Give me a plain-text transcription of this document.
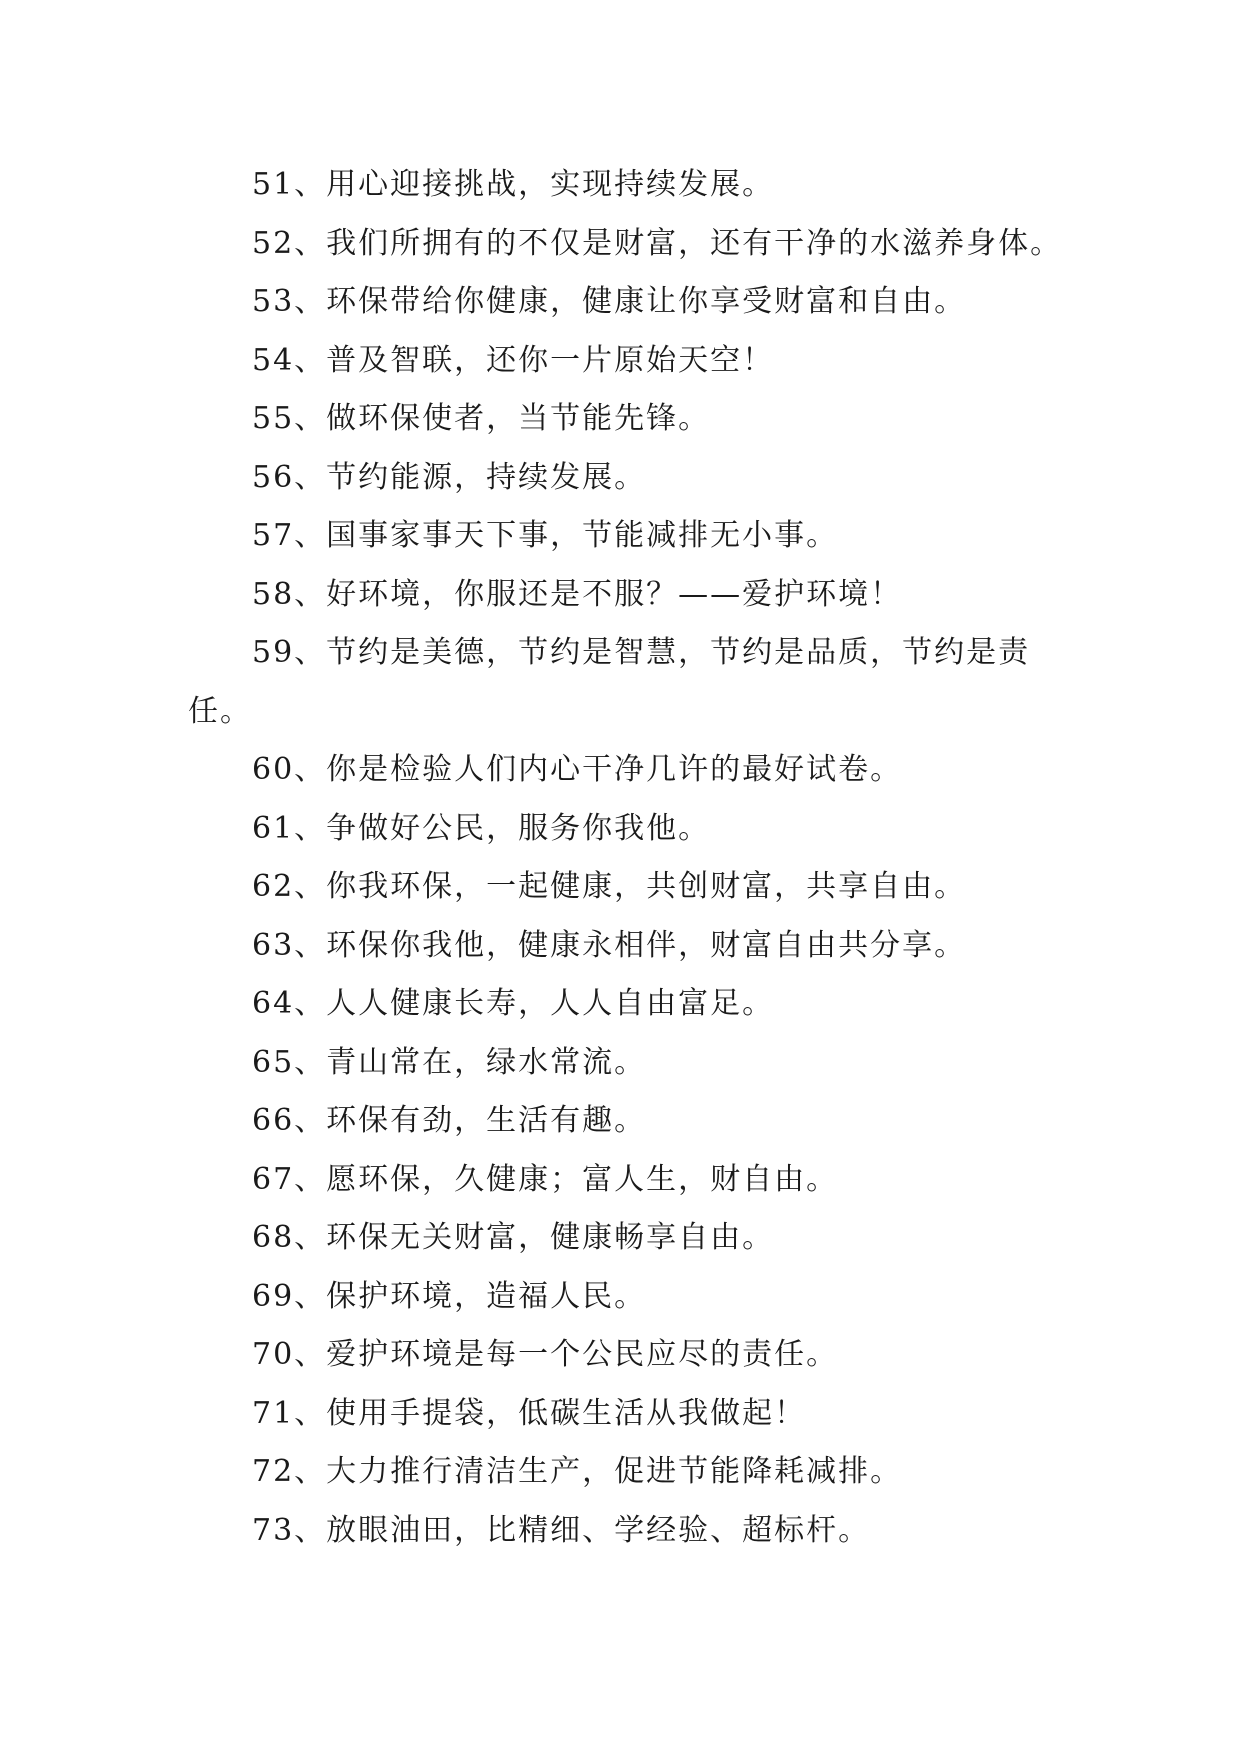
51、用心迎接挑战，实现持续发展。
52、我们所拥有的不仅是财富，还有干净的水滋养身体。
53、环保带给你健康，健康让你享受财富和自由。
54、普及智联，还你一片原始天空！
55、做环保使者，当节能先锋。
56、节约能源，持续发展。
57、国事家事天下事，节能减排无小事。
58、好环境，你服还是不服？——爱护环境！
59、节约是美德，节约是智慧，节约是品质，节约是责
任。
60、你是检验人们内心干净几许的最好试卷。
61、争做好公民，服务你我他。
62、你我环保，一起健康，共创财富，共享自由。
63、环保你我他，健康永相伴，财富自由共分享。
64、人人健康长寿，人人自由富足。
65、青山常在，绿水常流。
66、环保有劲，生活有趣。
67、愿环保，久健康；富人生，财自由。
68、环保无关财富，健康畅享自由。
69、保护环境，造福人民。
70、爱护环境是每一个公民应尽的责任。
71、使用手提袋，低碳生活从我做起！
72、大力推行清洁生产，促进节能降耗减排。
73、放眼油田，比精细、学经验、超标杆。
